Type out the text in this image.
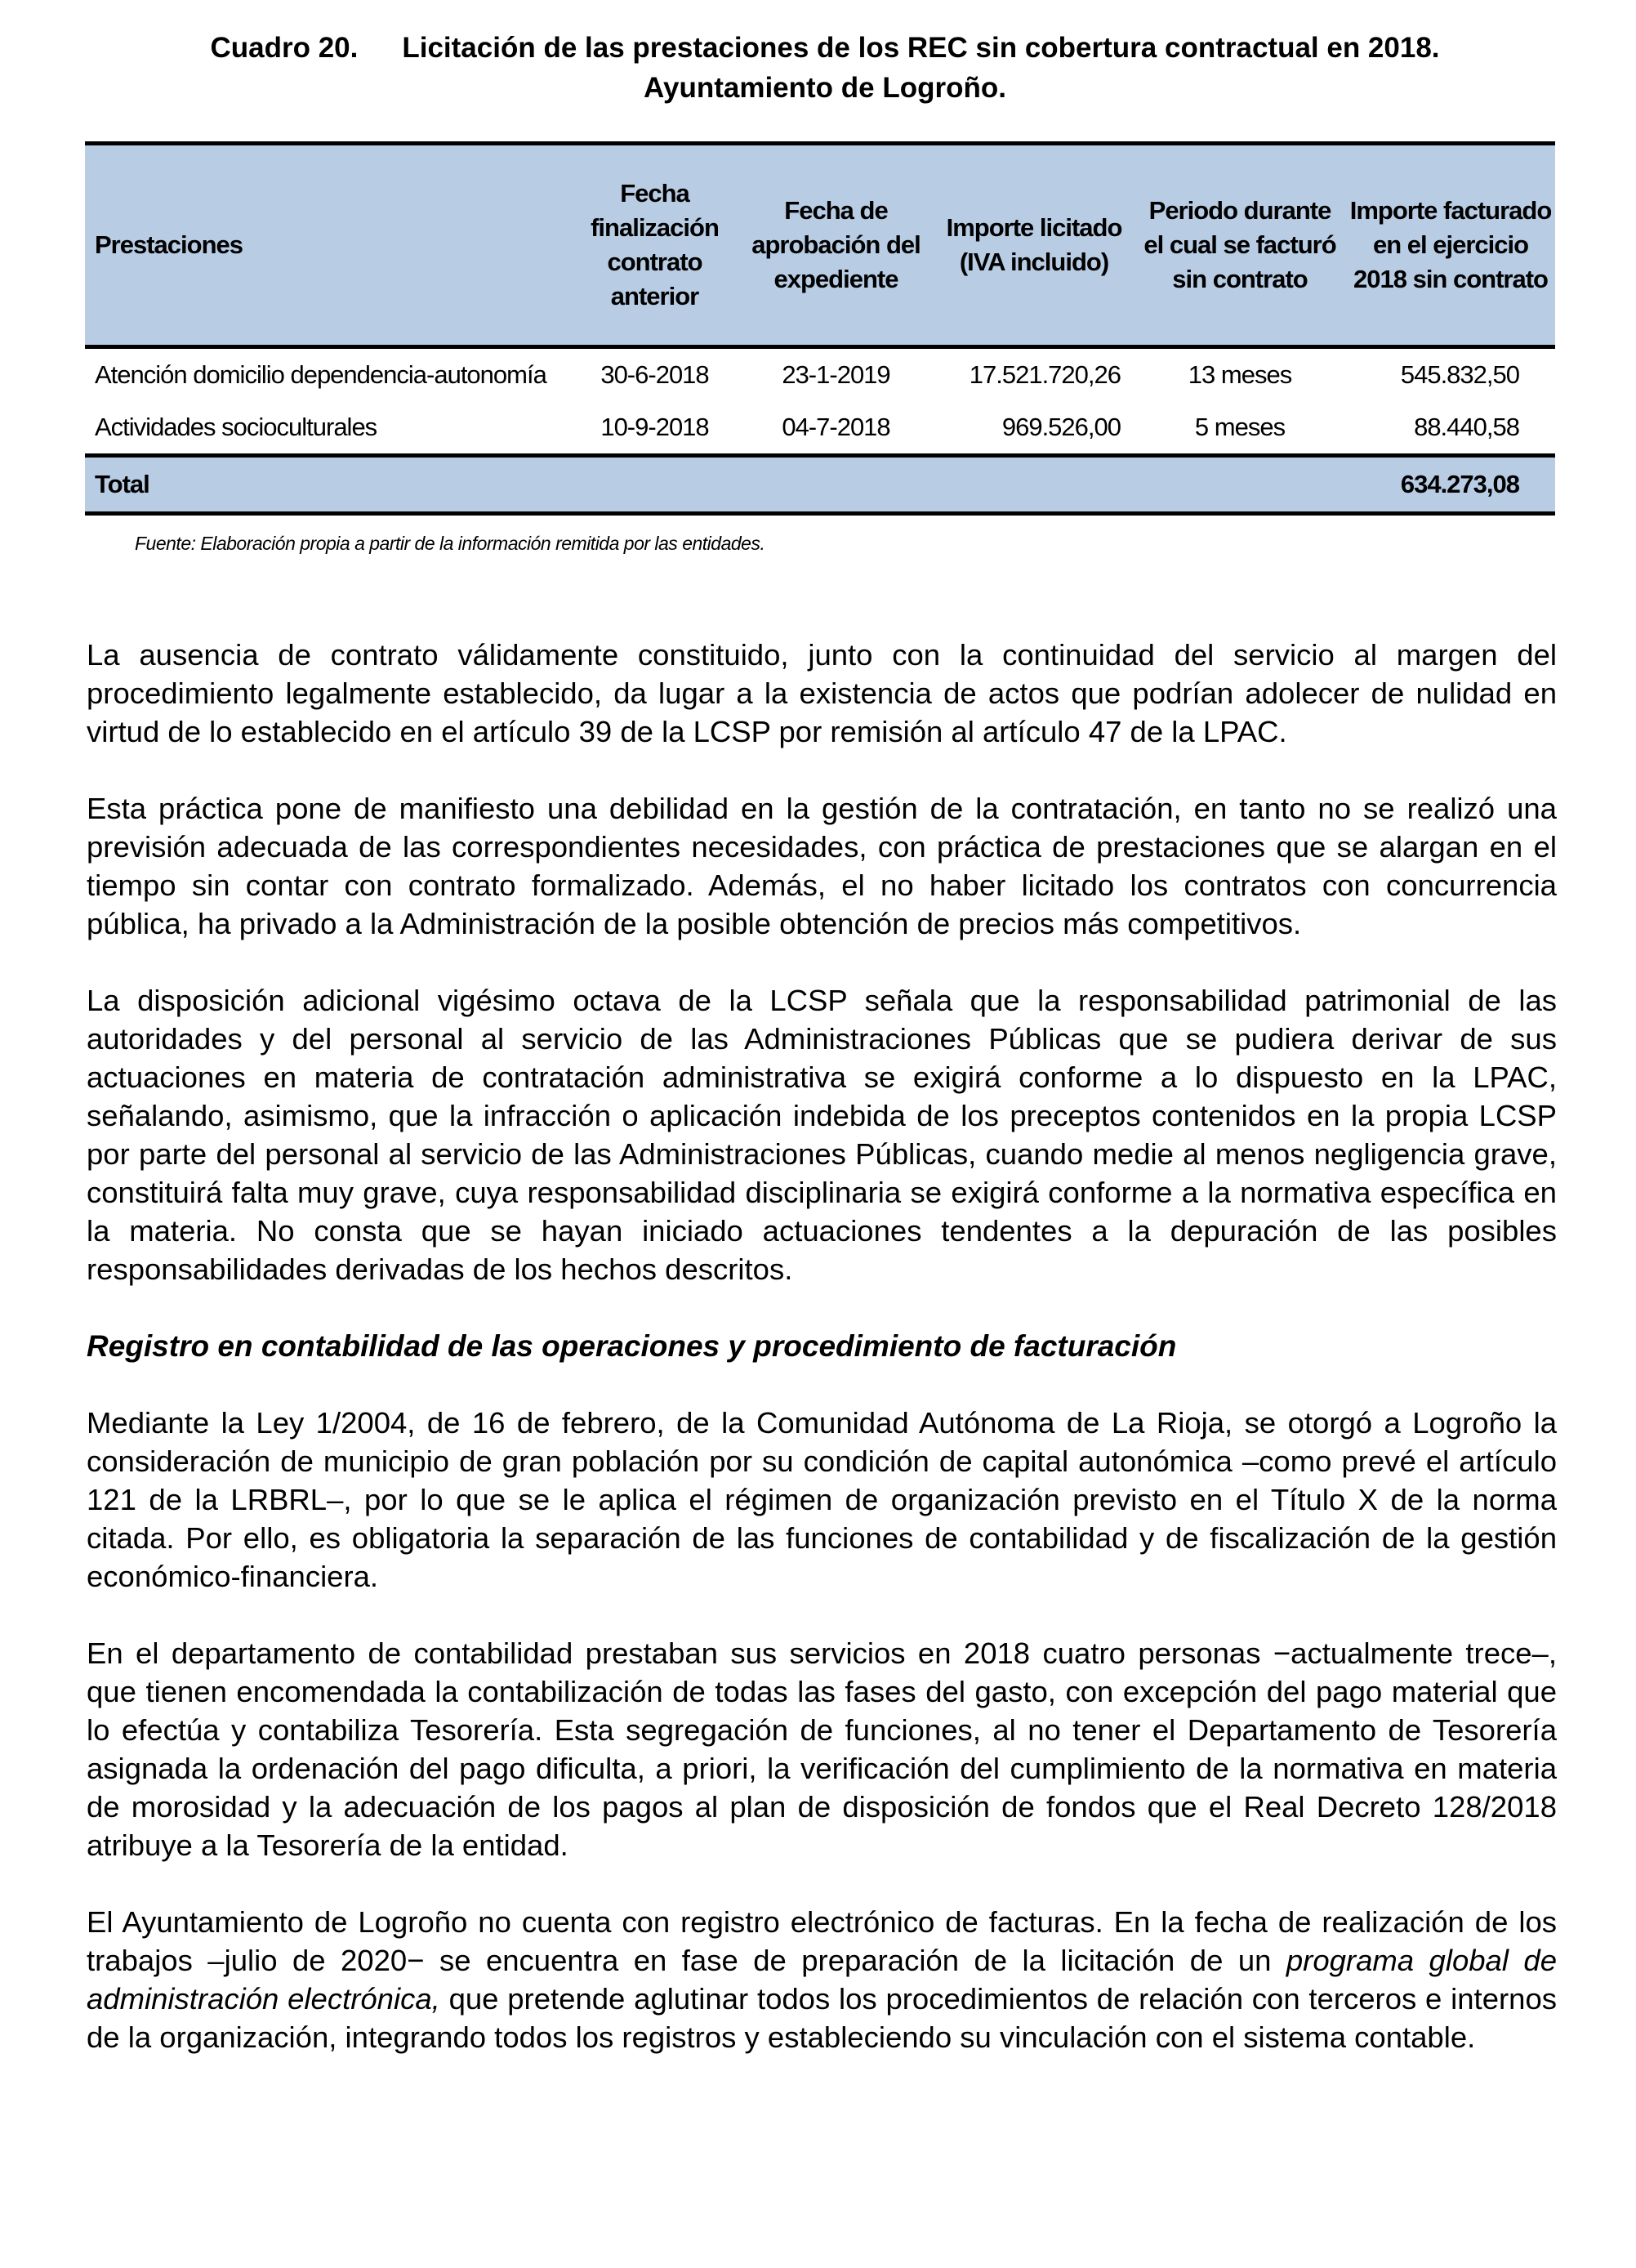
Cuadro 20. Licitación de las prestaciones de los REC sin cobertura contractual en 2018.
Ayuntamiento de Logroño.
Prestaciones	Fecha finalización contrato anterior	Fecha de aprobación del expediente	Importe licitado (IVA incluido)	Periodo durante el cual se facturó sin contrato	Importe facturado en el ejercicio 2018 sin contrato
Atención domicilio dependencia-autonomía	30-6-2018	23-1-2019	17.521.720,26	13 meses	545.832,50
Actividades socioculturales	10-9-2018	04-7-2018	969.526,00	5 meses	88.440,58
Total					634.273,08
Fuente: Elaboración propia a partir de la información remitida por las entidades.

La ausencia de contrato válidamente constituido, junto con la continuidad del servicio al margen del procedimiento legalmente establecido, da lugar a la existencia de actos que podrían adolecer de nulidad en virtud de lo establecido en el artículo 39 de la LCSP por remisión al artículo 47 de la LPAC.

Esta práctica pone de manifiesto una debilidad en la gestión de la contratación, en tanto no se realizó una previsión adecuada de las correspondientes necesidades, con práctica de prestaciones que se alargan en el tiempo sin contar con contrato formalizado. Además, el no haber licitado los contratos con concurrencia pública, ha privado a la Administración de la posible obtención de precios más competitivos.

La disposición adicional vigésimo octava de la LCSP señala que la responsabilidad patrimonial de las autoridades y del personal al servicio de las Administraciones Públicas que se pudiera derivar de sus actuaciones en materia de contratación administrativa se exigirá conforme a lo dispuesto en la LPAC, señalando, asimismo, que la infracción o aplicación indebida de los preceptos contenidos en la propia LCSP por parte del personal al servicio de las Administraciones Públicas, cuando medie al menos negligencia grave, constituirá falta muy grave, cuya responsabilidad disciplinaria se exigirá conforme a la normativa específica en la materia. No consta que se hayan iniciado actuaciones tendentes a la depuración de las posibles responsabilidades derivadas de los hechos descritos.

Registro en contabilidad de las operaciones y procedimiento de facturación

Mediante la Ley 1/2004, de 16 de febrero, de la Comunidad Autónoma de La Rioja, se otorgó a Logroño la consideración de municipio de gran población por su condición de capital autonómica –como prevé el artículo 121 de la LRBRL–, por lo que se le aplica el régimen de organización previsto en el Título X de la norma citada. Por ello, es obligatoria la separación de las funciones de contabilidad y de fiscalización de la gestión económico-financiera.

En el departamento de contabilidad prestaban sus servicios en 2018 cuatro personas −actualmente trece–, que tienen encomendada la contabilización de todas las fases del gasto, con excepción del pago material que lo efectúa y contabiliza Tesorería. Esta segregación de funciones, al no tener el Departamento de Tesorería asignada la ordenación del pago dificulta, a priori, la verificación del cumplimiento de la normativa en materia de morosidad y la adecuación de los pagos al plan de disposición de fondos que el Real Decreto 128/2018 atribuye a la Tesorería de la entidad.

El Ayuntamiento de Logroño no cuenta con registro electrónico de facturas. En la fecha de realización de los trabajos –julio de 2020− se encuentra en fase de preparación de la licitación de un programa global de administración electrónica, que pretende aglutinar todos los procedimientos de relación con terceros e internos de la organización, integrando todos los registros y estableciendo su vinculación con el sistema contable.
